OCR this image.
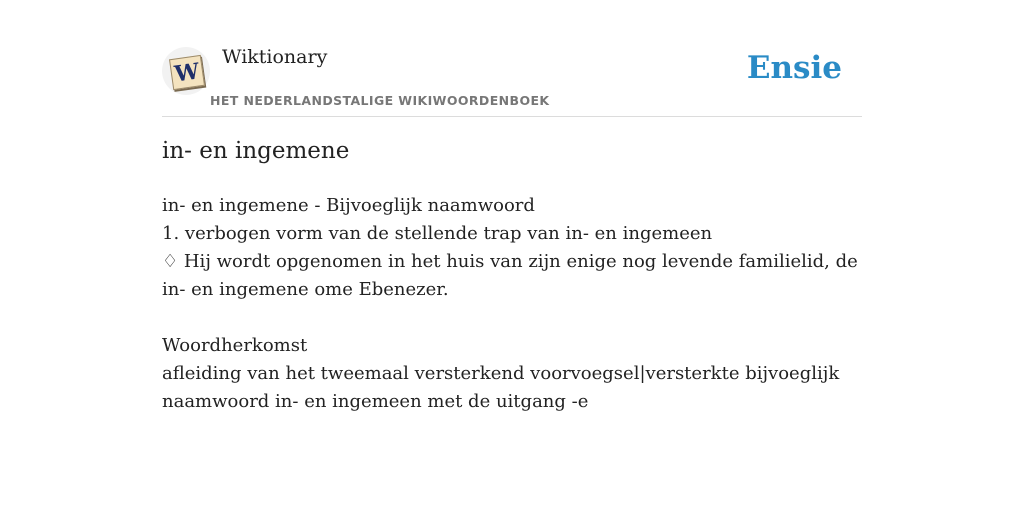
W
Wiktionary
HET NEDERLANDSTALIGE WIKIWOORDENBOEK
Ensie
in- en ingemene

in- en ingemene - Bijvoeglijk naamwoord

1. verbogen vorm van de stellende trap van in- en ingemeen

♢ Hij wordt opgenomen in het huis van zijn enige nog levende familielid, de in- en ingemene ome Ebenezer.

Woordherkomst

afleiding van het tweemaal versterkend voorvoegsel|versterkte bijvoeglijk naamwoord in- en ingemeen met de uitgang -e
